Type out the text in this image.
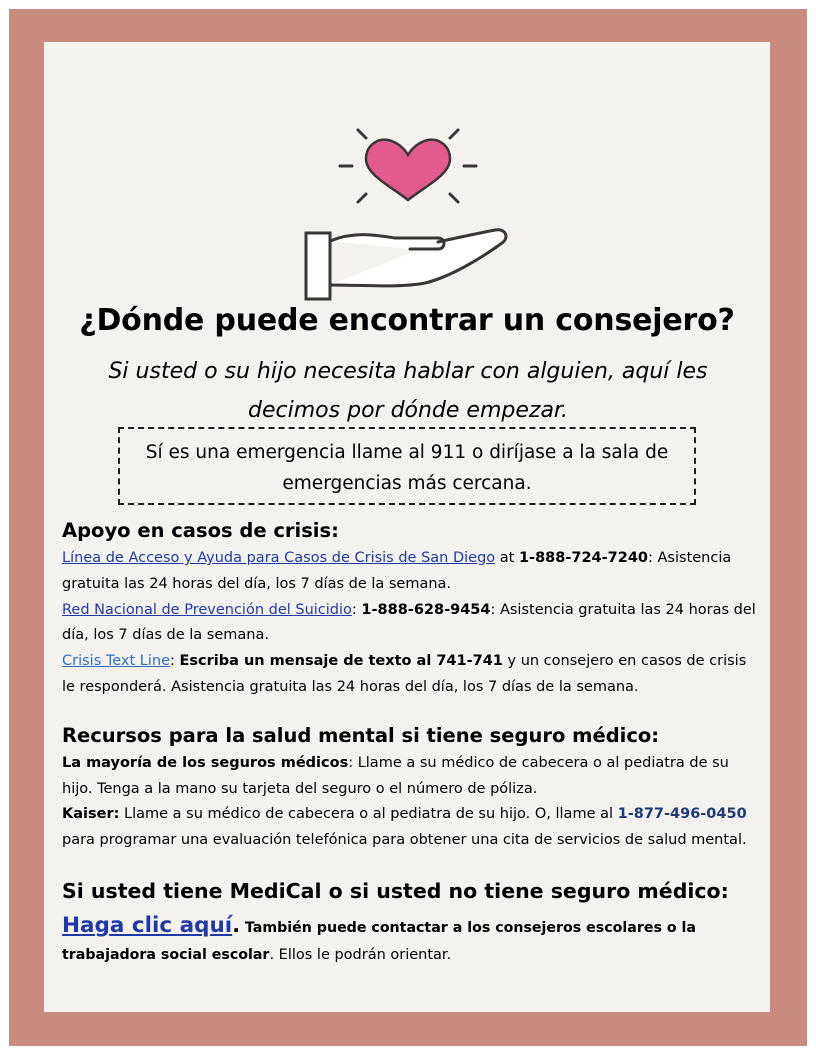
¿Dónde puede encontrar un consejero?
Si usted o su hijo necesita hablar con alguien, aquí les decimos por dónde empezar.
Sí es una emergencia llame al 911 o diríjase a la sala de emergencias más cercana.
Apoyo en casos de crisis:

Línea de Acceso y Ayuda para Casos de Crisis de San Diego at 1-888-724-7240: Asistencia gratuita las 24 horas del día, los 7 días de la semana.

Red Nacional de Prevención del Suicidio: 1-888-628-9454: Asistencia gratuita las 24 horas del día, los 7 días de la semana.

Crisis Text Line: Escriba un mensaje de texto al 741-741 y un consejero en casos de crisis le responderá. Asistencia gratuita las 24 horas del día, los 7 días de la semana.

Recursos para la salud mental si tiene seguro médico:

La mayoría de los seguros médicos: Llame a su médico de cabecera o al pediatra de su hijo. Tenga a la mano su tarjeta del seguro o el número de póliza.

Kaiser: Llame a su médico de cabecera o al pediatra de su hijo. O, llame al 1-877-496-0450 para programar una evaluación telefónica para obtener una cita de servicios de salud mental.

Si usted tiene MediCal o si usted no tiene seguro médico: Haga clic aquí. También puede contactar a los consejeros escolares o la trabajadora social escolar. Ellos le podrán orientar.
